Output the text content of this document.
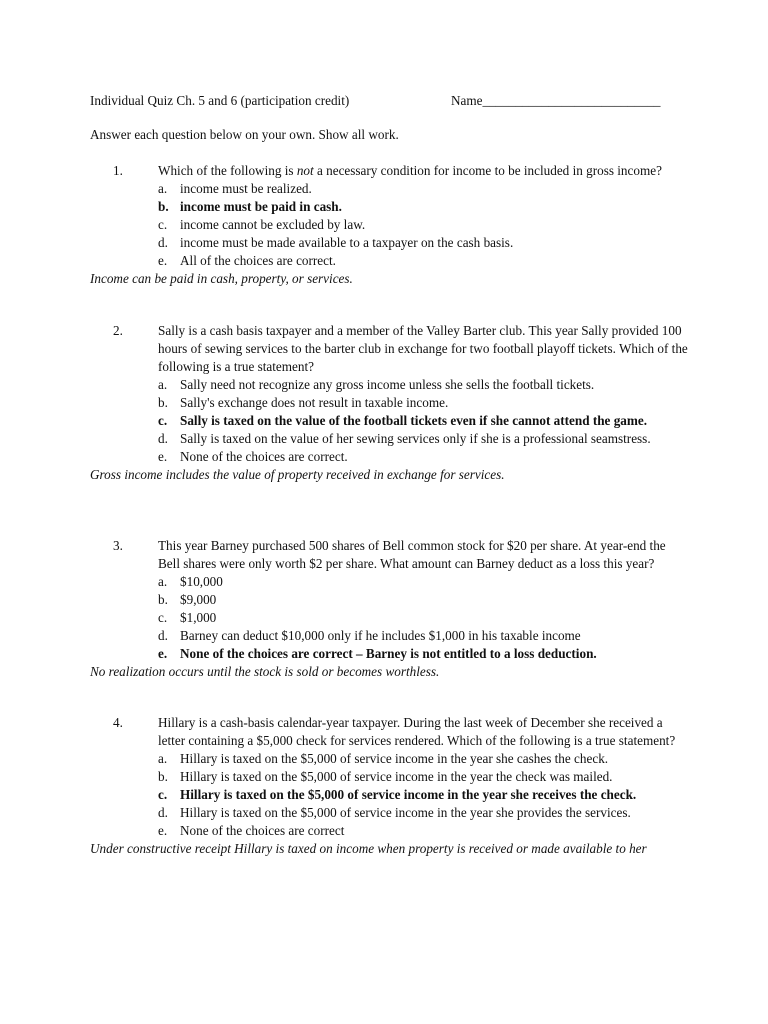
Individual Quiz Ch. 5 and 6 (participation credit)	Name___________________________
Answer each question below on your own. Show all work.
1.	Which of the following is not a necessary condition for income to be included in gross income?

a. income must be realized.
b. income must be paid in cash.
c. income cannot be excluded by law.
d. income must be made available to a taxpayer on the cash basis.
e. All of the choices are correct.

Income can be paid in cash, property, or services.

2.	Sally is a cash basis taxpayer and a member of the Valley Barter club. This year Sally provided 100 hours of sewing services to the barter club in exchange for two football playoff tickets. Which of the following is a true statement?

a. Sally need not recognize any gross income unless she sells the football tickets.
b. Sally's exchange does not result in taxable income.
c. Sally is taxed on the value of the football tickets even if she cannot attend the game.
d. Sally is taxed on the value of her sewing services only if she is a professional seamstress.
e. None of the choices are correct.

Gross income includes the value of property received in exchange for services.

3.	This year Barney purchased 500 shares of Bell common stock for $20 per share. At year-end the Bell shares were only worth $2 per share. What amount can Barney deduct as a loss this year?

a. $10,000
b. $9,000
c. $1,000
d. Barney can deduct $10,000 only if he includes $1,000 in his taxable income
e. None of the choices are correct – Barney is not entitled to a loss deduction.

No realization occurs until the stock is sold or becomes worthless.

4.	Hillary is a cash-basis calendar-year taxpayer. During the last week of December she received a letter containing a $5,000 check for services rendered. Which of the following is a true statement?

a. Hillary is taxed on the $5,000 of service income in the year she cashes the check.
b. Hillary is taxed on the $5,000 of service income in the year the check was mailed.
c. Hillary is taxed on the $5,000 of service income in the year she receives the check.
d. Hillary is taxed on the $5,000 of service income in the year she provides the services.
e. None of the choices are correct

Under constructive receipt Hillary is taxed on income when property is received or made available to her
